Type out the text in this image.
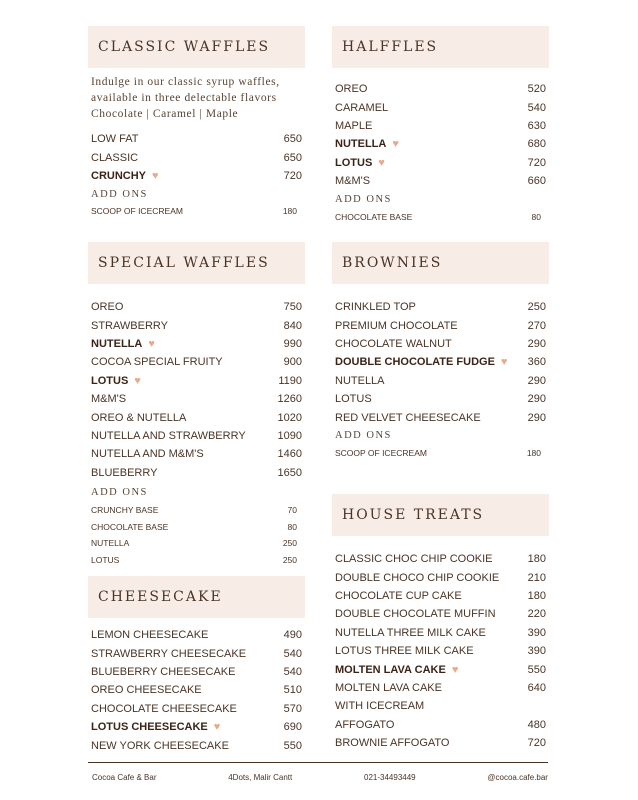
CLASSIC WAFFLES
Indulge in our classic syrup waffles,
available in three delectable flavors
Chocolate | Caramel | Maple
LOW FAT	650
CLASSIC	650
CRUNCHY ♥	720
ADD ONS
SCOOP OF ICECREAM	180
SPECIAL WAFFLES
OREO	750
STRAWBERRY	840
NUTELLA ♥	990
COCOA SPECIAL FRUITY	900
LOTUS ♥	1190
M&M'S	1260
OREO & NUTELLA	1020
NUTELLA AND STRAWBERRY	1090
NUTELLA AND M&M'S	1460
BLUEBERRY	1650
ADD ONS
CRUNCHY BASE	70
CHOCOLATE BASE	80
NUTELLA	250
LOTUS	250
CHEESECAKE
LEMON CHEESECAKE	490
STRAWBERRY CHEESECAKE	540
BLUEBERRY CHEESECAKE	540
OREO CHEESECAKE	510
CHOCOLATE CHEESECAKE	570
LOTUS CHEESECAKE ♥	690
NEW YORK CHEESECAKE	550
HALFFLES
OREO	520
CARAMEL	540
MAPLE	630
NUTELLA ♥	680
LOTUS ♥	720
M&M'S	660
ADD ONS
CHOCOLATE BASE	80
BROWNIES
CRINKLED TOP	250
PREMIUM CHOCOLATE	270
CHOCOLATE WALNUT	290
DOUBLE CHOCOLATE FUDGE ♥ 360
NUTELLA	290
LOTUS	290
RED VELVET CHEESECAKE	290
ADD ONS
SCOOP OF ICECREAM	180
HOUSE TREATS
CLASSIC CHOC CHIP COOKIE	180
DOUBLE CHOCO CHIP COOKIE	210
CHOCOLATE CUP CAKE	180
DOUBLE CHOCOLATE MUFFIN	220
NUTELLA THREE MILK CAKE	390
LOTUS THREE MILK CAKE	390
MOLTEN LAVA CAKE ♥	550
MOLTEN LAVA CAKE	640
WITH ICECREAM
AFFOGATO	480
BROWNIE AFFOGATO	720
Cocoa Cafe & Bar	4Dots, Malir Cantt	021-34493449	@cocoa.cafe.bar
